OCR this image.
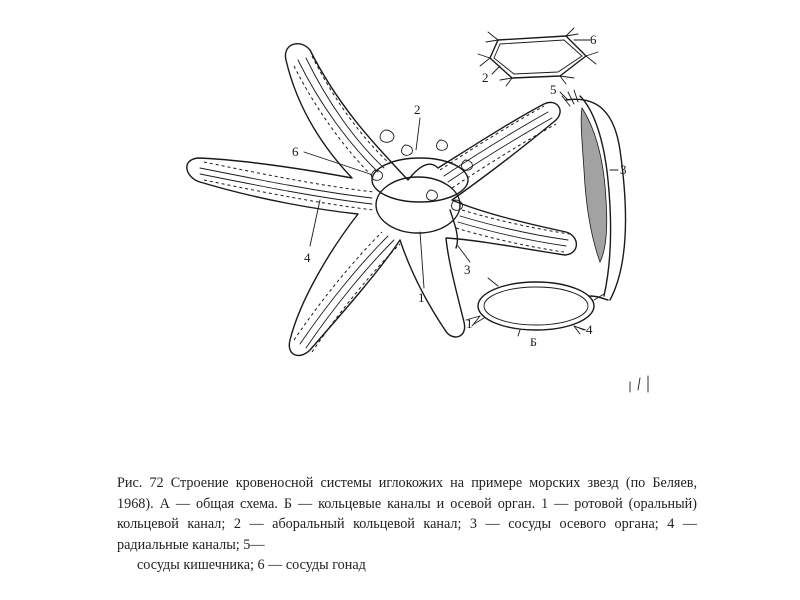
2
6
4
1
3
6
2
5
3
1	4
Б
Рис. 72 Строение кровеносной системы иглокожих на примере морских звезд (по Беляев, 1968). А — общая схема. Б — кольцевые каналы и осевой орган. 1 — ротовой (оральный) кольцевой канал; 2 — аборальный кольцевой канал; 3 — сосуды осевого органа; 4 — радиальные каналы; 5—
сосуды кишечника; 6 — сосуды гонад
